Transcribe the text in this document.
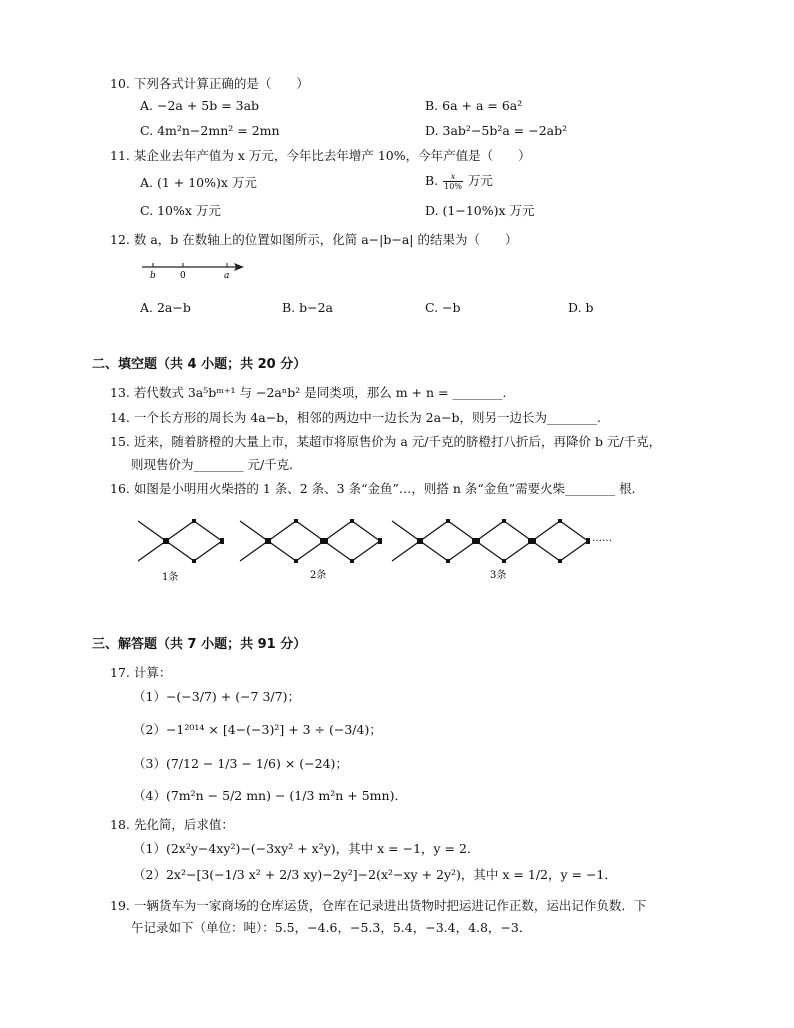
10. 下列各式计算正确的是（　　）
A. −2a + 5b = 3ab	B. 6a + a = 6a²
C. 4m²n−2mn² = 2mn	D. 3ab²−5b²a = −2ab²
11. 某企业去年产值为 x 万元，今年比去年增产 10%，今年产值是（　　）
A. (1 + 10%)x 万元	B. $\frac{x}{10\%}$ 万元
C. 10%x 万元	D. (1−10%)x 万元
12. 数 a，b 在数轴上的位置如图所示，化简 a−|b−a| 的结果为（　　）
b	0	a
A. 2a−b	B. b−2a	C. −b	D. b
二、填空题（共 4 小题；共 20 分）
13. 若代数式 3a⁵bᵐ⁺¹ 与 −2aⁿb² 是同类项，那么 m + n = ________.
14. 一个长方形的周长为 4a−b，相邻的两边中一边长为 2a−b，则另一边长为________.
15. 近来，随着脐橙的大量上市，某超市将原售价为 a 元/千克的脐橙打八折后，再降价 b 元/千克，
则现售价为________ 元/千克．
16. 如图是小明用火柴搭的 1 条、2 条、3 条“金鱼”…，则搭 n 条“金鱼”需要火柴________ 根．
……
1条	2条	3条
三、解答题（共 7 小题；共 91 分）
17. 计算：
（1）−(−3/7) + (−7 3/7)；
（2）−1²⁰¹⁴ × [4−(−3)²] + 3 ÷ (−3/4)；
（3）(7/12 − 1/3 − 1/6) × (−24)；
（4）(7m²n − 5/2 mn) − (1/3 m²n + 5mn)．
18. 先化简，后求值：
（1）(2x²y−4xy²)−(−3xy² + x²y)，其中 x = −1，y = 2．
（2）2x²−[3(−1/3 x² + 2/3 xy)−2y²]−2(x²−xy + 2y²)，其中 x = 1/2，y = −1．
19. 一辆货车为一家商场的仓库运货，仓库在记录进出货物时把运进记作正数，运出记作负数．下
午记录如下（单位：吨）：5.5，−4.6，−5.3，5.4，−3.4，4.8，−3．
